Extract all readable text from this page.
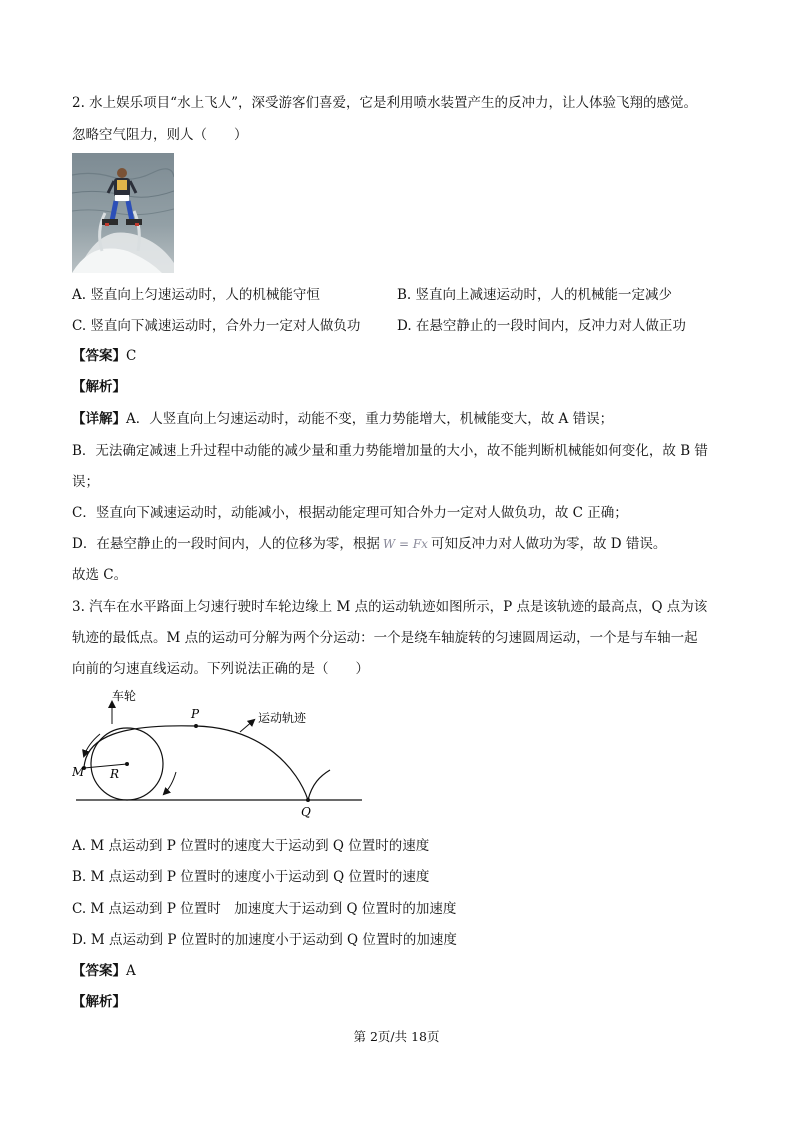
2. 水上娱乐项目“水上飞人”，深受游客们喜爱，它是利用喷水装置产生的反冲力，让人体验飞翔的感觉。
忽略空气阻力，则人（　　）
A. 竖直向上匀速运动时，人的机械能守恒	B. 竖直向上减速运动时，人的机械能一定减少
C. 竖直向下减速运动时，合外力一定对人做负功	D. 在悬空静止的一段时间内，反冲力对人做正功
【答案】C
【解析】
【详解】A．人竖直向上匀速运动时，动能不变，重力势能增大，机械能变大，故 A 错误；
B．无法确定减速上升过程中动能的减少量和重力势能增加量的大小，故不能判断机械能如何变化，故 B 错
误；
C．竖直向下减速运动时，动能减小，根据动能定理可知合外力一定对人做负功，故 C 正确；
D．在悬空静止的一段时间内，人的位移为零，根据 W = Fx 可知反冲力对人做功为零，故 D 错误。
故选 C。
3. 汽车在水平路面上匀速行驶时车轮边缘上 M 点的运动轨迹如图所示，P 点是该轨迹的最高点，Q 点为该
轨迹的最低点。M 点的运动可分解为两个分运动：一个是绕车轴旋转的匀速圆周运动，一个是与车轴一起
向前的匀速直线运动。下列说法正确的是（　　）
车轮
运动轨迹
P
Q
M R
A. M 点运动到 P 位置时的速度大于运动到 Q 位置时的速度
B. M 点运动到 P 位置时的速度小于运动到 Q 位置时的速度
C. M 点运动到 P 位置时　加速度大于运动到 Q 位置时的加速度
D. M 点运动到 P 位置时的加速度小于运动到 Q 位置时的加速度
【答案】A
【解析】
第 2页/共 18页
